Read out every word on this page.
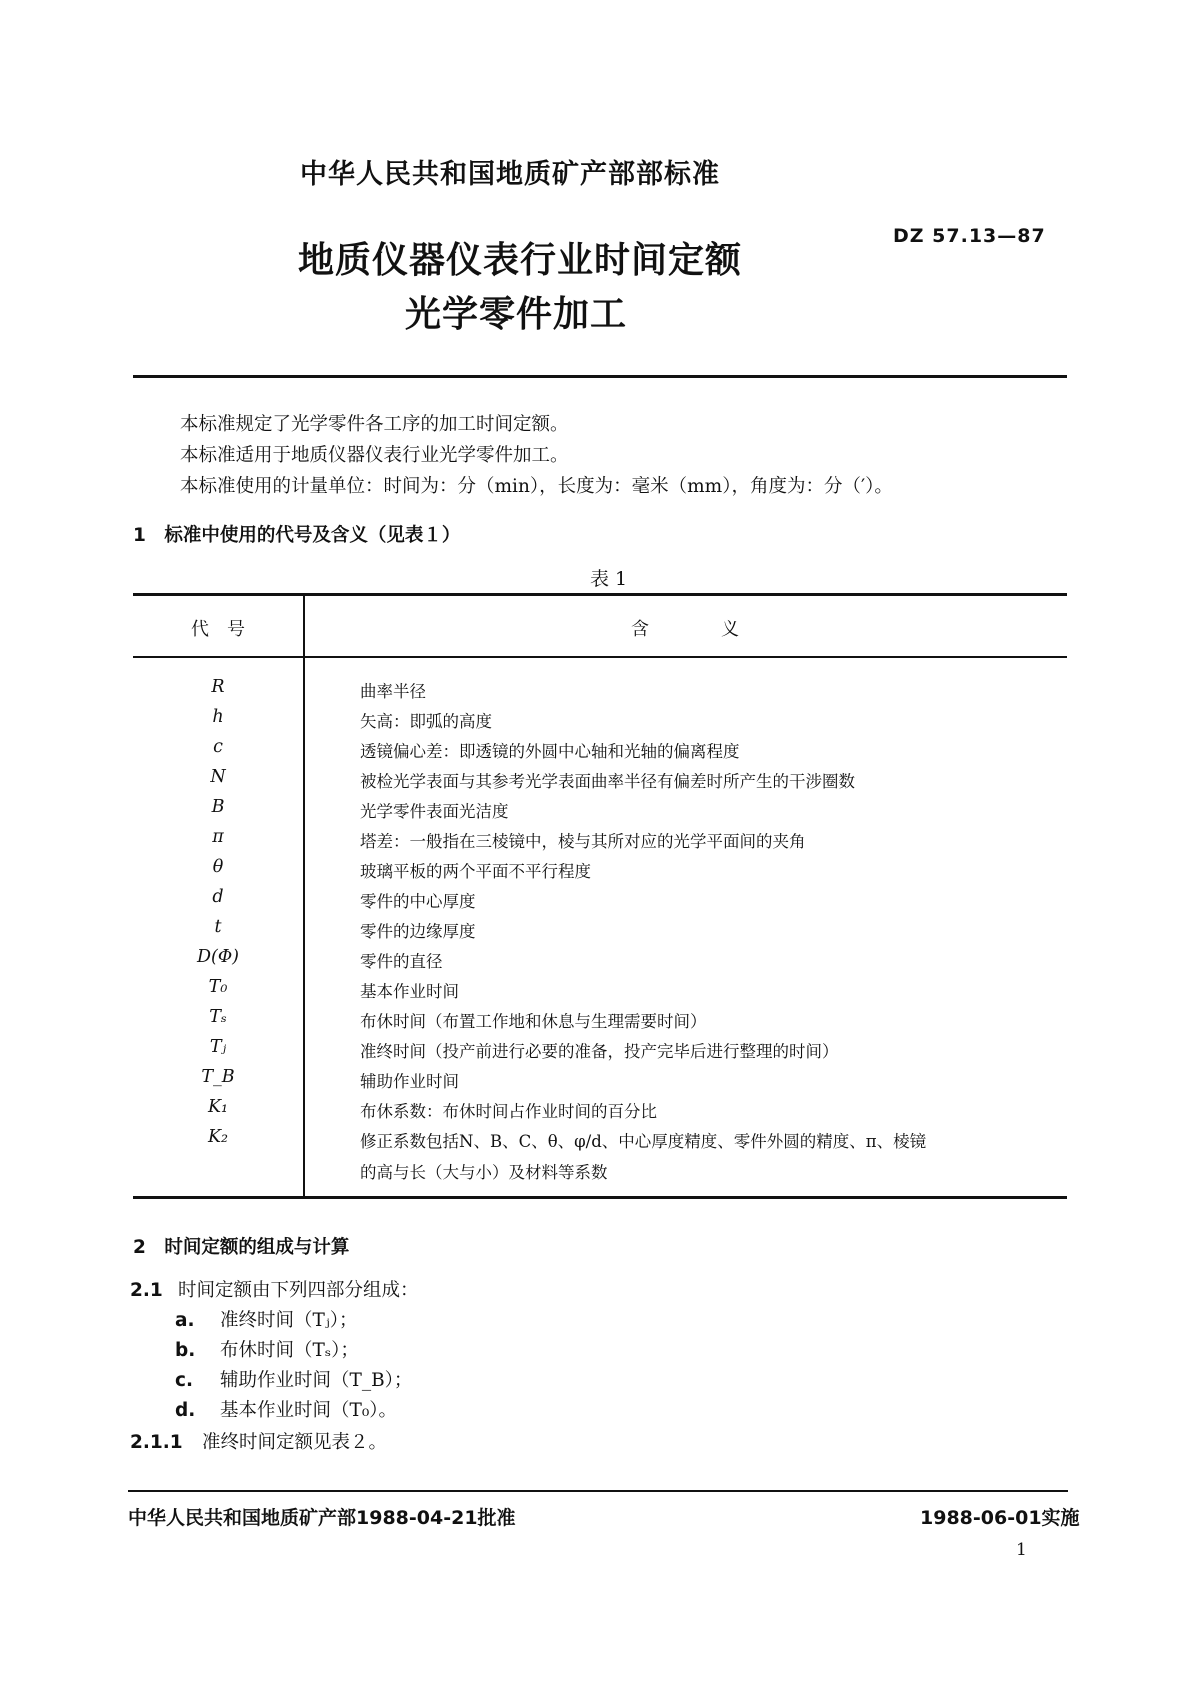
中华人民共和国地质矿产部部标准
DZ 57.13—87
地质仪器仪表行业时间定额
光学零件加工
本标准规定了光学零件各工序的加工时间定额。
本标准适用于地质仪器仪表行业光学零件加工。
本标准使用的计量单位：时间为：分（min），长度为：毫米（mm），角度为：分（′）。
1　标准中使用的代号及含义（见表１）
表 1
代　号	含　　　　义
R	曲率半径
h	矢高：即弧的高度
c	透镜偏心差：即透镜的外圆中心轴和光轴的偏离程度
N	被检光学表面与其参考光学表面曲率半径有偏差时所产生的干涉圈数
B	光学零件表面光洁度
π	塔差：一般指在三棱镜中，棱与其所对应的光学平面间的夹角
θ	玻璃平板的两个平面不平行程度
d	零件的中心厚度
t	零件的边缘厚度
D(Φ)	零件的直径
T₀	基本作业时间
Tₛ	布休时间（布置工作地和休息与生理需要时间）
Tⱼ	准终时间（投产前进行必要的准备，投产完毕后进行整理的时间）
T_B	辅助作业时间
K₁	布休系数：布休时间占作业时间的百分比
K₂	修正系数包括N、B、C、θ、φ/d、中心厚度精度、零件外圆的精度、π、棱镜
的高与长（大与小）及材料等系数
2　时间定额的组成与计算
2.1 时间定额由下列四部分组成：
a. 准终时间（Tⱼ）；
b. 布休时间（Tₛ）；
c. 辅助作业时间（T_B）；
d. 基本作业时间（T₀）。
2.1.1 准终时间定额见表２。
中华人民共和国地质矿产部1988-04-21批准	1988-06-01实施
1
